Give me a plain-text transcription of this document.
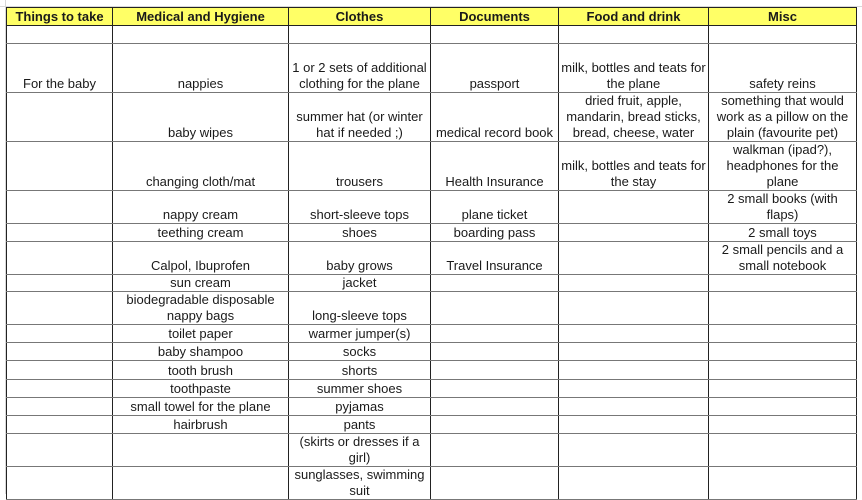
Things to take	Medical and Hygiene	Clothes	Documents	Food and drink	Misc

For the baby	nappies	1 or 2 sets of additional clothing for the plane	passport	milk, bottles and teats for the plane	safety reins
	baby wipes	summer hat (or winter hat if needed ;)	medical record book	dried fruit, apple, mandarin, bread sticks, bread, cheese, water	something that would work as a pillow on the plain (favourite pet)
	changing cloth/mat	trousers	Health Insurance	milk, bottles and teats for the stay	walkman (ipad?), headphones for the plane
	nappy cream	short-sleeve tops	plane ticket		2 small books (with flaps)
	teething cream	shoes	boarding pass		2 small toys
	Calpol, Ibuprofen	baby grows	Travel Insurance		2 small pencils and a small notebook
	sun cream	jacket			
	biodegradable disposable nappy bags	long-sleeve tops			
	toilet paper	warmer jumper(s)			
	baby shampoo	socks			
	tooth brush	shorts			
	toothpaste	summer shoes			
	small towel for the plane	pyjamas			
	hairbrush	pants			
		(skirts or dresses if a girl)			
		sunglasses, swimming suit			
